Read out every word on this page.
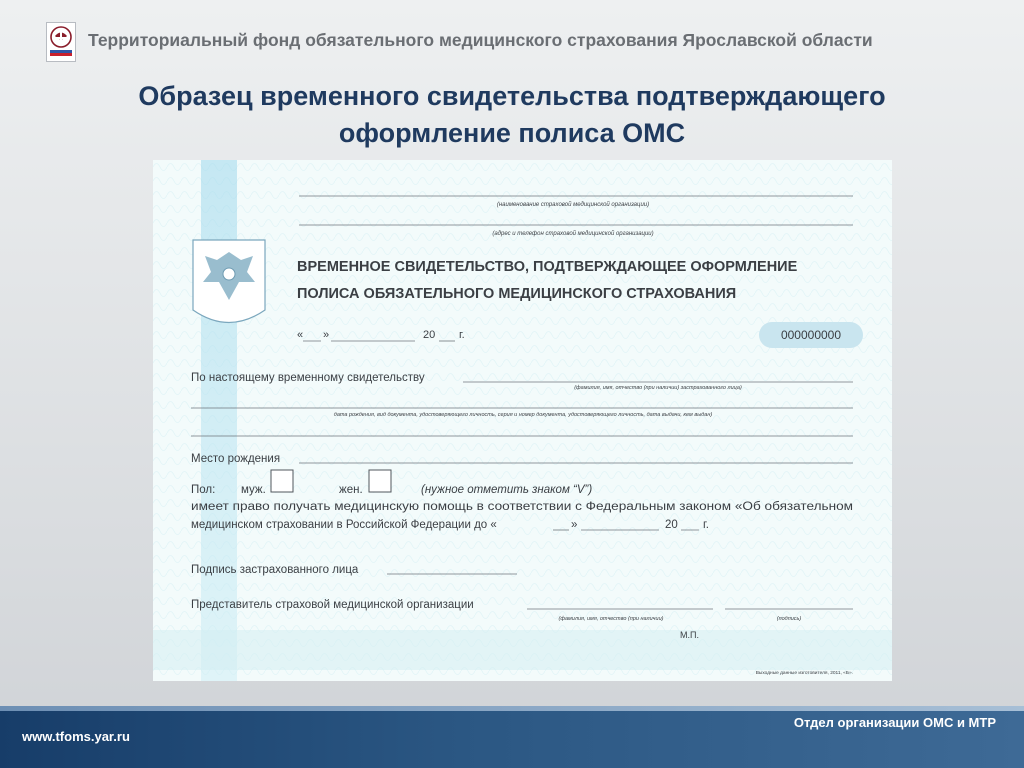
Территориальный фонд обязательного медицинского страхования Ярославской области
Образец временного свидетельства подтверждающего
оформление полиса ОМС
(наименование страховой медицинской организации)
(адрес и телефон страховой медицинской организации)
ВРЕМЕННОЕ СВИДЕТЕЛЬСТВО, ПОДТВЕРЖДАЮЩЕЕ ОФОРМЛЕНИЕ
ПОЛИСА ОБЯЗАТЕЛЬНОГО МЕДИЦИНСКОГО СТРАХОВАНИЯ
« »	20 г.	000000000
По настоящему временному свидетельству
(фамилия, имя, отчество (при наличии) застрахованного лица)
дата рождения, вид документа, удостоверяющего личность, серия и номер документа, удостоверяющего личность, дата выдачи, кем выдан)
Место рождения
Пол: муж.	жен.	(нужное отметить знаком “V”)
имеет право получать медицинскую помощь в соответствии с Федеральным законом «Об обязательном
медицинском страховании в Российской Федерации до «	»	20 г.
Подпись застрахованного лица
Представитель страховой медицинской организации
(фамилия, имя, отчество (при наличии)	(подпись)
М.П.
Выходные данные изготовителя, 2011, «Б».
www.tfoms.yar.ru
Отдел организации ОМС и МТР
